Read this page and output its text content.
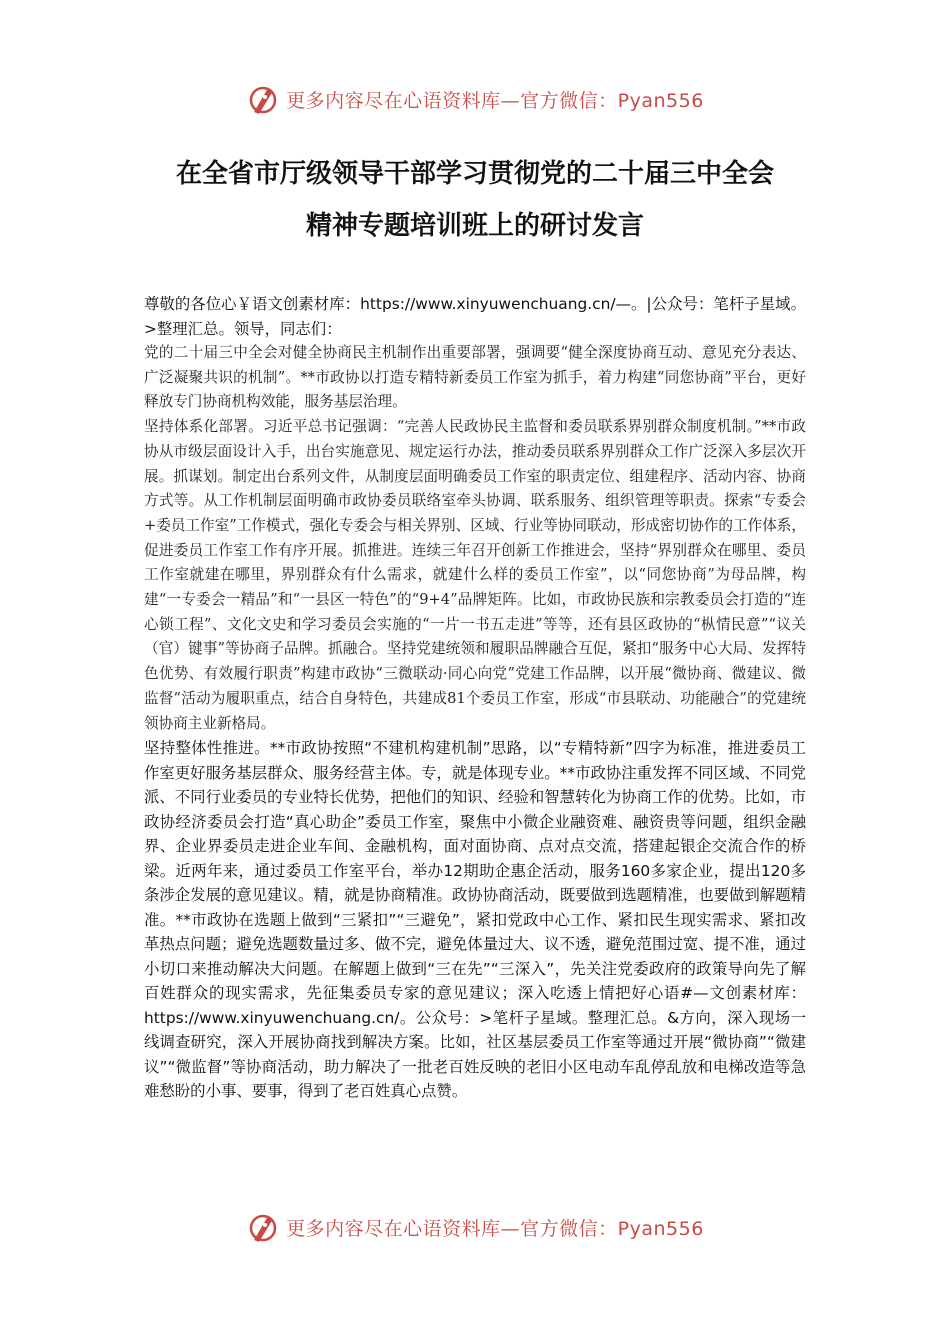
更多内容尽在心语资料库—官方微信：Pyan556
在全省市厅级领导干部学习贯彻党的二十届三中全会
精神专题培训班上的研讨发言

尊敬的各位心￥语文创素材库：https://www.xinyuwenchuang.cn/—。|公众号：笔杆子星域。>整理汇总。领导，同志们：

党的二十届三中全会对健全协商民主机制作出重要部署，强调要“健全深度协商互动、意见充分表达、广泛凝聚共识的机制”。**市政协以打造专精特新委员工作室为抓手，着力构建“同您协商”平台，更好释放专门协商机构效能，服务基层治理。

坚持体系化部署。习近平总书记强调：“完善人民政协民主监督和委员联系界别群众制度机制。”**市政协从市级层面设计入手，出台实施意见、规定运行办法，推动委员联系界别群众工作广泛深入多层次开展。抓谋划。制定出台系列文件，从制度层面明确委员工作室的职责定位、组建程序、活动内容、协商方式等。从工作机制层面明确市政协委员联络室牵头协调、联系服务、组织管理等职责。探索“专委会+委员工作室”工作模式，强化专委会与相关界别、区域、行业等协同联动，形成密切协作的工作体系，促进委员工作室工作有序开展。抓推进。连续三年召开创新工作推进会，坚持“界别群众在哪里、委员工作室就建在哪里，界别群众有什么需求，就建什么样的委员工作室”，以“同您协商”为母品牌，构建“一专委会一精品”和“一县区一特色”的“9+4”品牌矩阵。比如，市政协民族和宗教委员会打造的“连心锁工程”、文化文史和学习委员会实施的“一片一书五走进”等等，还有县区政协的“枞情民意”“议关（官）键事”等协商子品牌。抓融合。坚持党建统领和履职品牌融合互促，紧扣“服务中心大局、发挥特色优势、有效履行职责”构建市政协“三微联动·同心向党”党建工作品牌，以开展“微协商、微建议、微监督”活动为履职重点，结合自身特色，共建成81个委员工作室，形成“市县联动、功能融合”的党建统领协商主业新格局。

坚持整体性推进。**市政协按照“不建机构建机制”思路，以“专精特新”四字为标准，推进委员工作室更好服务基层群众、服务经营主体。专，就是体现专业。**市政协注重发挥不同区域、不同党派、不同行业委员的专业特长优势，把他们的知识、经验和智慧转化为协商工作的优势。比如，市政协经济委员会打造“真心助企”委员工作室，聚焦中小微企业融资难、融资贵等问题，组织金融界、企业界委员走进企业车间、金融机构，面对面协商、点对点交流，搭建起银企交流合作的桥梁。近两年来，通过委员工作室平台，举办12期助企惠企活动，服务160多家企业，提出120多条涉企发展的意见建议。精，就是协商精准。政协协商活动，既要做到选题精准，也要做到解题精准。**市政协在选题上做到“三紧扣”“三避免”，紧扣党政中心工作、紧扣民生现实需求、紧扣改革热点问题；避免选题数量过多、做不完，避免体量过大、议不透，避免范围过宽、提不准，通过小切口来推动解决大问题。在解题上做到“三在先”“三深入”，先关注党委政府的政策导向先了解百姓群众的现实需求，先征集委员专家的意见建议；深入吃透上情把好心语#—文创素材库：https://www.xinyuwenchuang.cn/。公众号：>笔杆子星域。整理汇总。&方向，深入现场一线调查研究，深入开展协商找到解决方案。比如，社区基层委员工作室等通过开展“微协商”“微建议”“微监督”等协商活动，助力解决了一批老百姓反映的老旧小区电动车乱停乱放和电梯改造等急难愁盼的小事、要事，得到了老百姓真心点赞。

更多内容尽在心语资料库—官方微信：Pyan556
